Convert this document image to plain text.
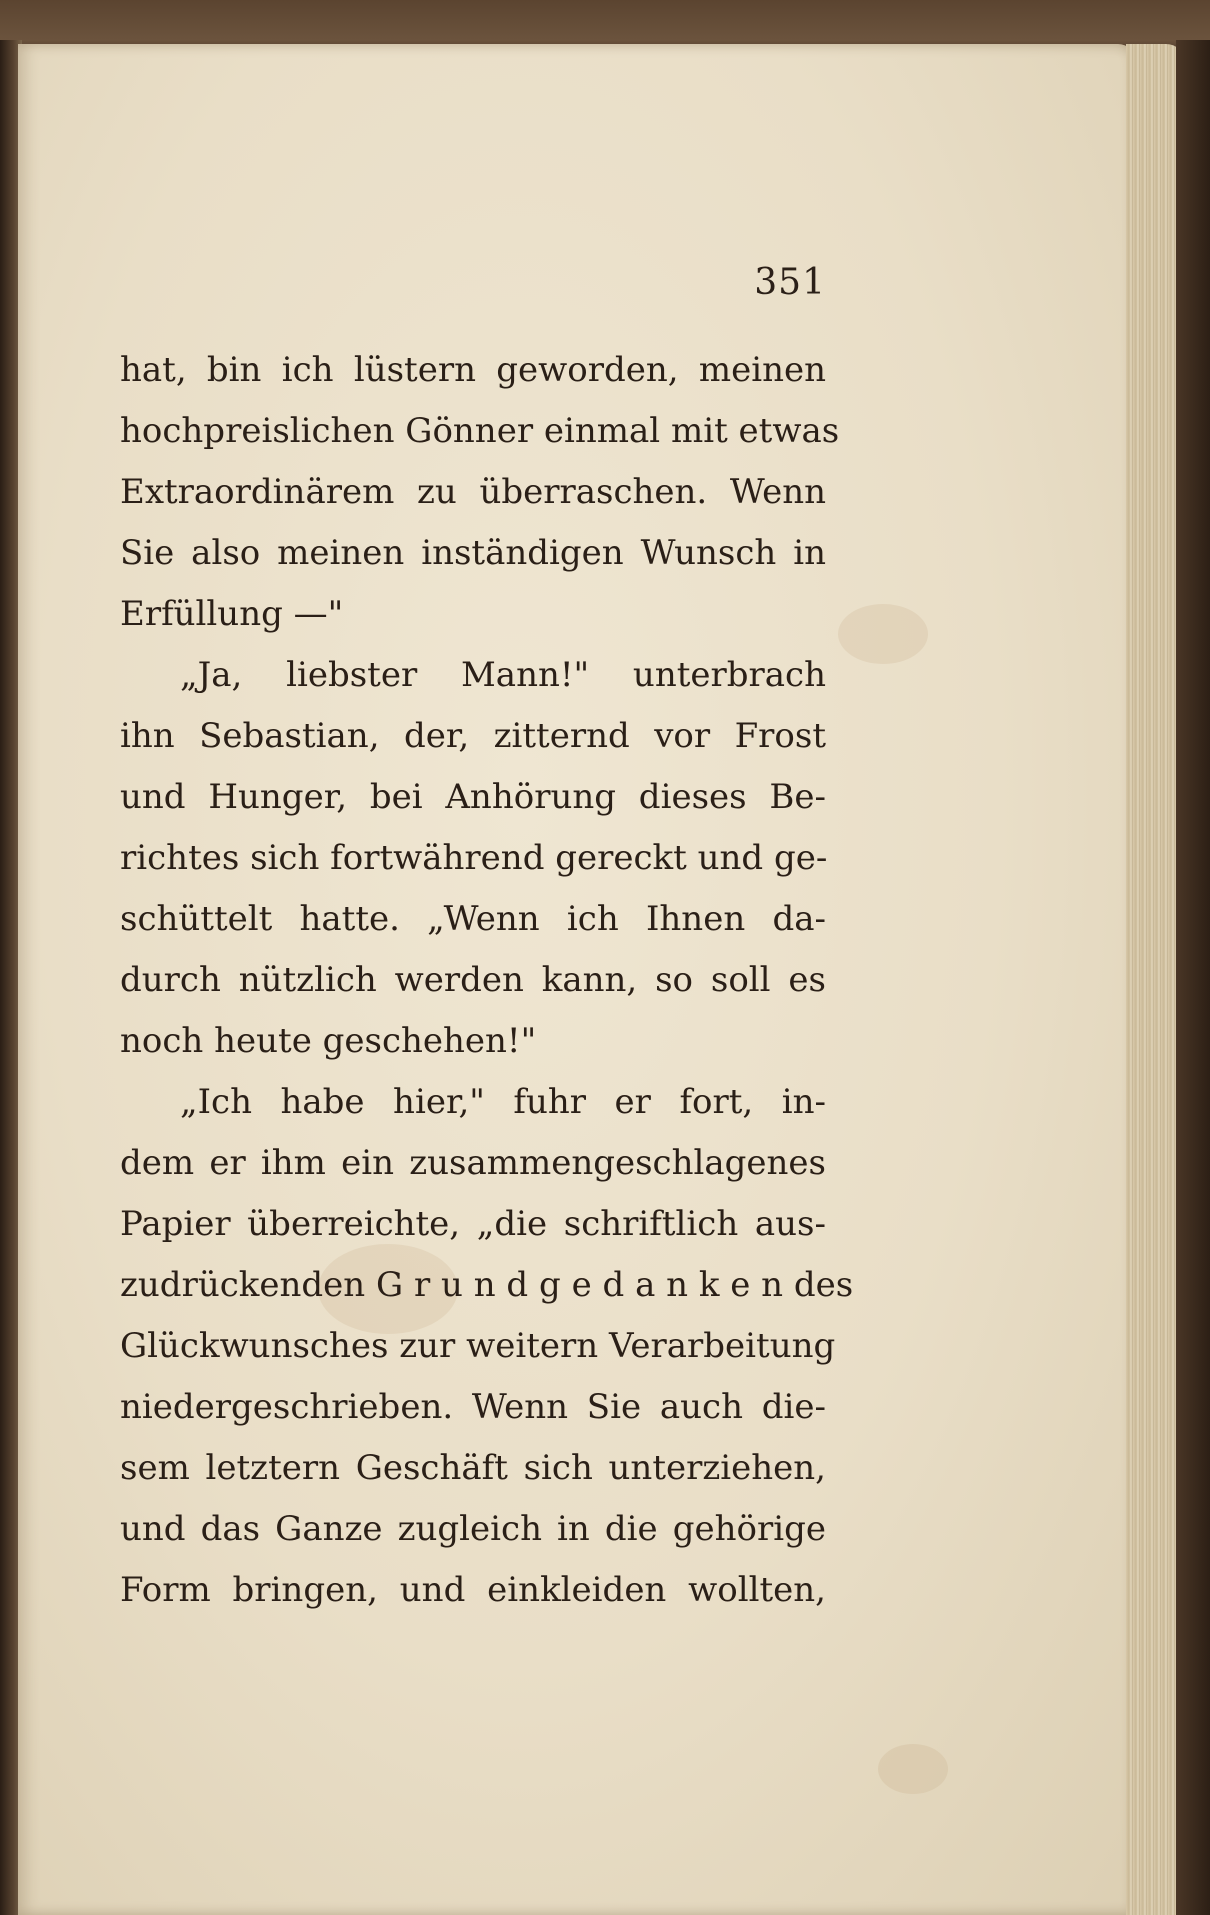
351
hat, bin ich lüstern geworden, meinen
hochpreislichen Gönner einmal mit etwas
Extraordinärem zu überraschen. Wenn
Sie also meinen inständigen Wunsch in
Erfüllung —"
„Ja, liebster Mann!" unterbrach
ihn Sebastian, der, zitternd vor Frost
und Hunger, bei Anhörung dieses Be-
richtes sich fortwährend gereckt und ge-
schüttelt hatte. „Wenn ich Ihnen da-
durch nützlich werden kann, so soll es
noch heute geschehen!"
„Ich habe hier," fuhr er fort, in-
dem er ihm ein zusammengeschlagenes
Papier überreichte, „die schriftlich aus-
zudrückenden G r u n d g e d a n k e n des
Glückwunsches zur weitern Verarbeitung
niedergeschrieben. Wenn Sie auch die-
sem letztern Geschäft sich unterziehen,
und das Ganze zugleich in die gehörige
Form bringen, und einkleiden wollten,
